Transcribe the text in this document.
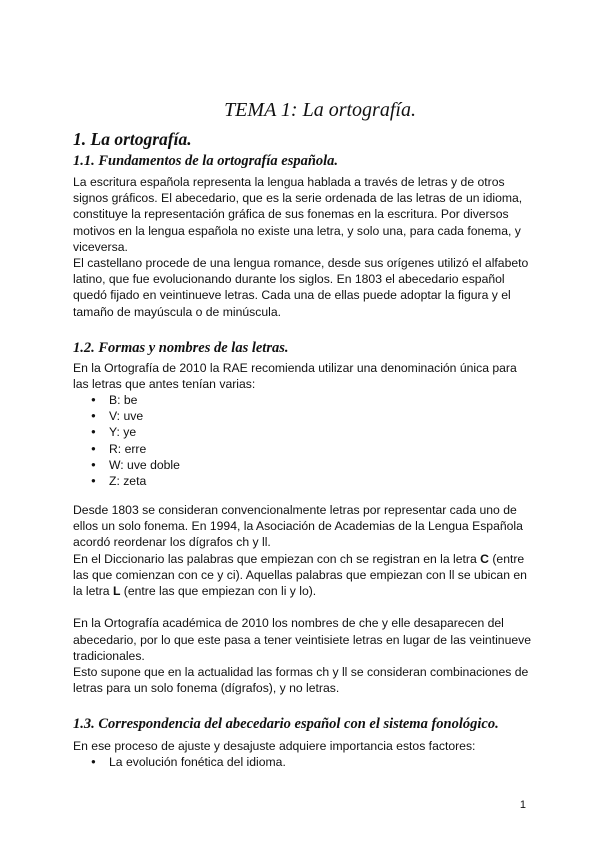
TEMA 1: La ortografía.
1. La ortografía.
1.1. Fundamentos de la ortografía española.

La escritura española representa la lengua hablada a través de letras y de otros signos gráficos. El abecedario, que es la serie ordenada de las letras de un idioma, constituye la representación gráfica de sus fonemas en la escritura. Por diversos motivos en la lengua española no existe una letra, y solo una, para cada fonema, y viceversa.

El castellano procede de una lengua romance, desde sus orígenes utilizó el alfabeto latino, que fue evolucionando durante los siglos. En 1803 el abecedario español quedó fijado en veintinueve letras. Cada una de ellas puede adoptar la figura y el tamaño de mayúscula o de minúscula.

1.2. Formas y nombres de las letras.

En la Ortografía de 2010 la RAE recomienda utilizar una denominación única para las letras que antes tenían varias:

● B: be
● V: uve
● Y: ye
● R: erre
● W: uve doble
● Z: zeta

Desde 1803 se consideran convencionalmente letras por representar cada uno de ellos un solo fonema. En 1994, la Asociación de Academias de la Lengua Española acordó reordenar los dígrafos ch y ll.

En el Diccionario las palabras que empiezan con ch se registran en la letra C (entre las que comienzan con ce y ci). Aquellas palabras que empiezan con ll se ubican en la letra L (entre las que empiezan con li y lo).

En la Ortografía académica de 2010 los nombres de che y elle desaparecen del abecedario, por lo que este pasa a tener veintisiete letras en lugar de las veintinueve tradicionales.

Esto supone que en la actualidad las formas ch y ll se consideran combinaciones de letras para un solo fonema (dígrafos), y no letras.

1.3. Correspondencia del abecedario español con el sistema fonológico.

En ese proceso de ajuste y desajuste adquiere importancia estos factores:

● La evolución fonética del idioma.
1
